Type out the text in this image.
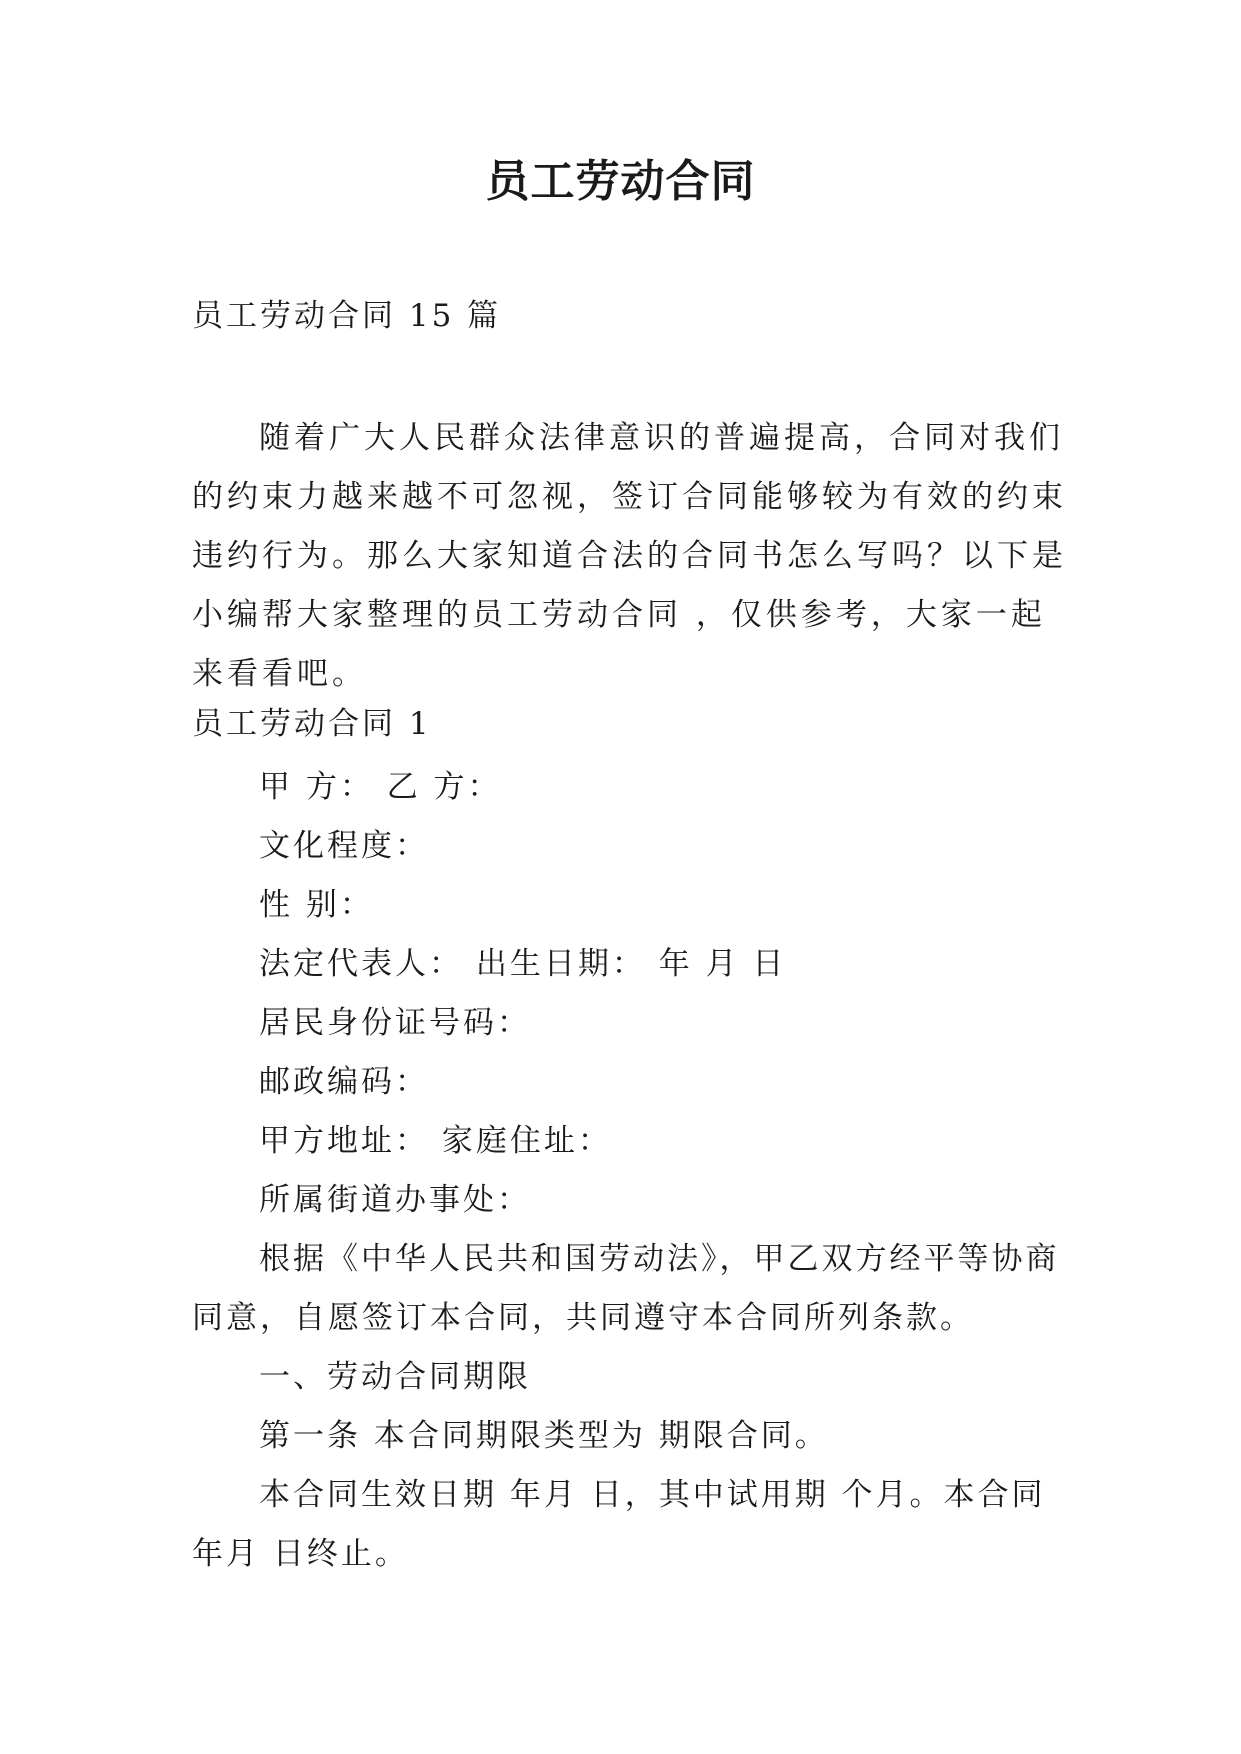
员工劳动合同
员工劳动合同 15 篇

随着广大人民群众法律意识的普遍提高，合同对我们的约束力越来越不可忽视，签订合同能够较为有效的约束违约行为。那么大家知道合法的合同书怎么写吗？以下是小编帮大家整理的员工劳动合同 ，仅供参考，大家一起来看看吧。

员工劳动合同 1

甲 方： 乙 方：

文化程度：

性 别：

法定代表人： 出生日期： 年 月 日

居民身份证号码：

邮政编码：

甲方地址： 家庭住址：

所属街道办事处：

根据《中华人民共和国劳动法》，甲乙双方经平等协商同意，自愿签订本合同，共同遵守本合同所列条款。

一、劳动合同期限

第一条 本合同期限类型为 期限合同。

本合同生效日期 年月 日，其中试用期 个月。本合同 年月 日终止。
